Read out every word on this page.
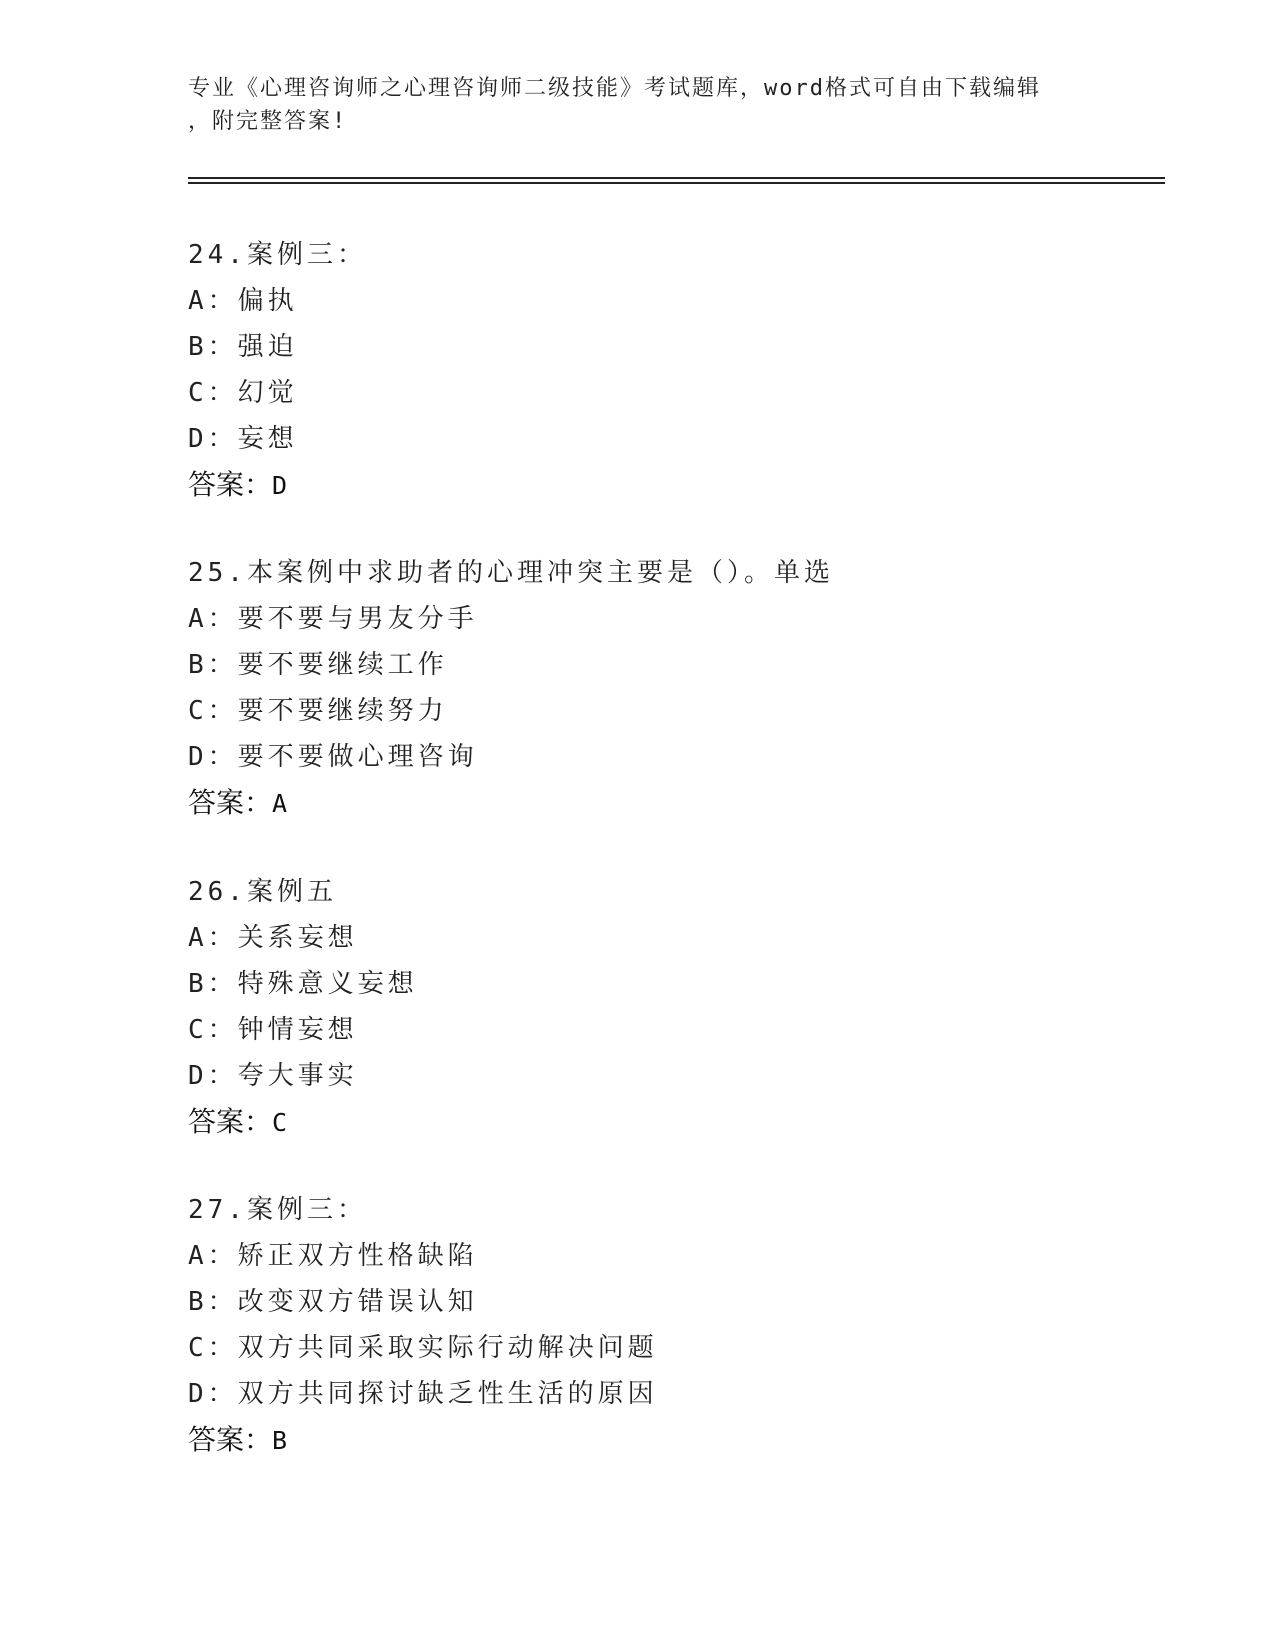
专业《心理咨询师之心理咨询师二级技能》考试题库，word格式可自由下载编辑
，附完整答案!
24.案例三：
A：偏执
B：强迫
C：幻觉
D：妄想
答案：D
25.本案例中求助者的心理冲突主要是（）。单选
A：要不要与男友分手
B：要不要继续工作
C：要不要继续努力
D：要不要做心理咨询
答案：A
26.案例五
A：关系妄想
B：特殊意义妄想
C：钟情妄想
D：夸大事实
答案：C
27.案例三：
A：矫正双方性格缺陷
B：改变双方错误认知
C：双方共同采取实际行动解决问题
D：双方共同探讨缺乏性生活的原因
答案：B
